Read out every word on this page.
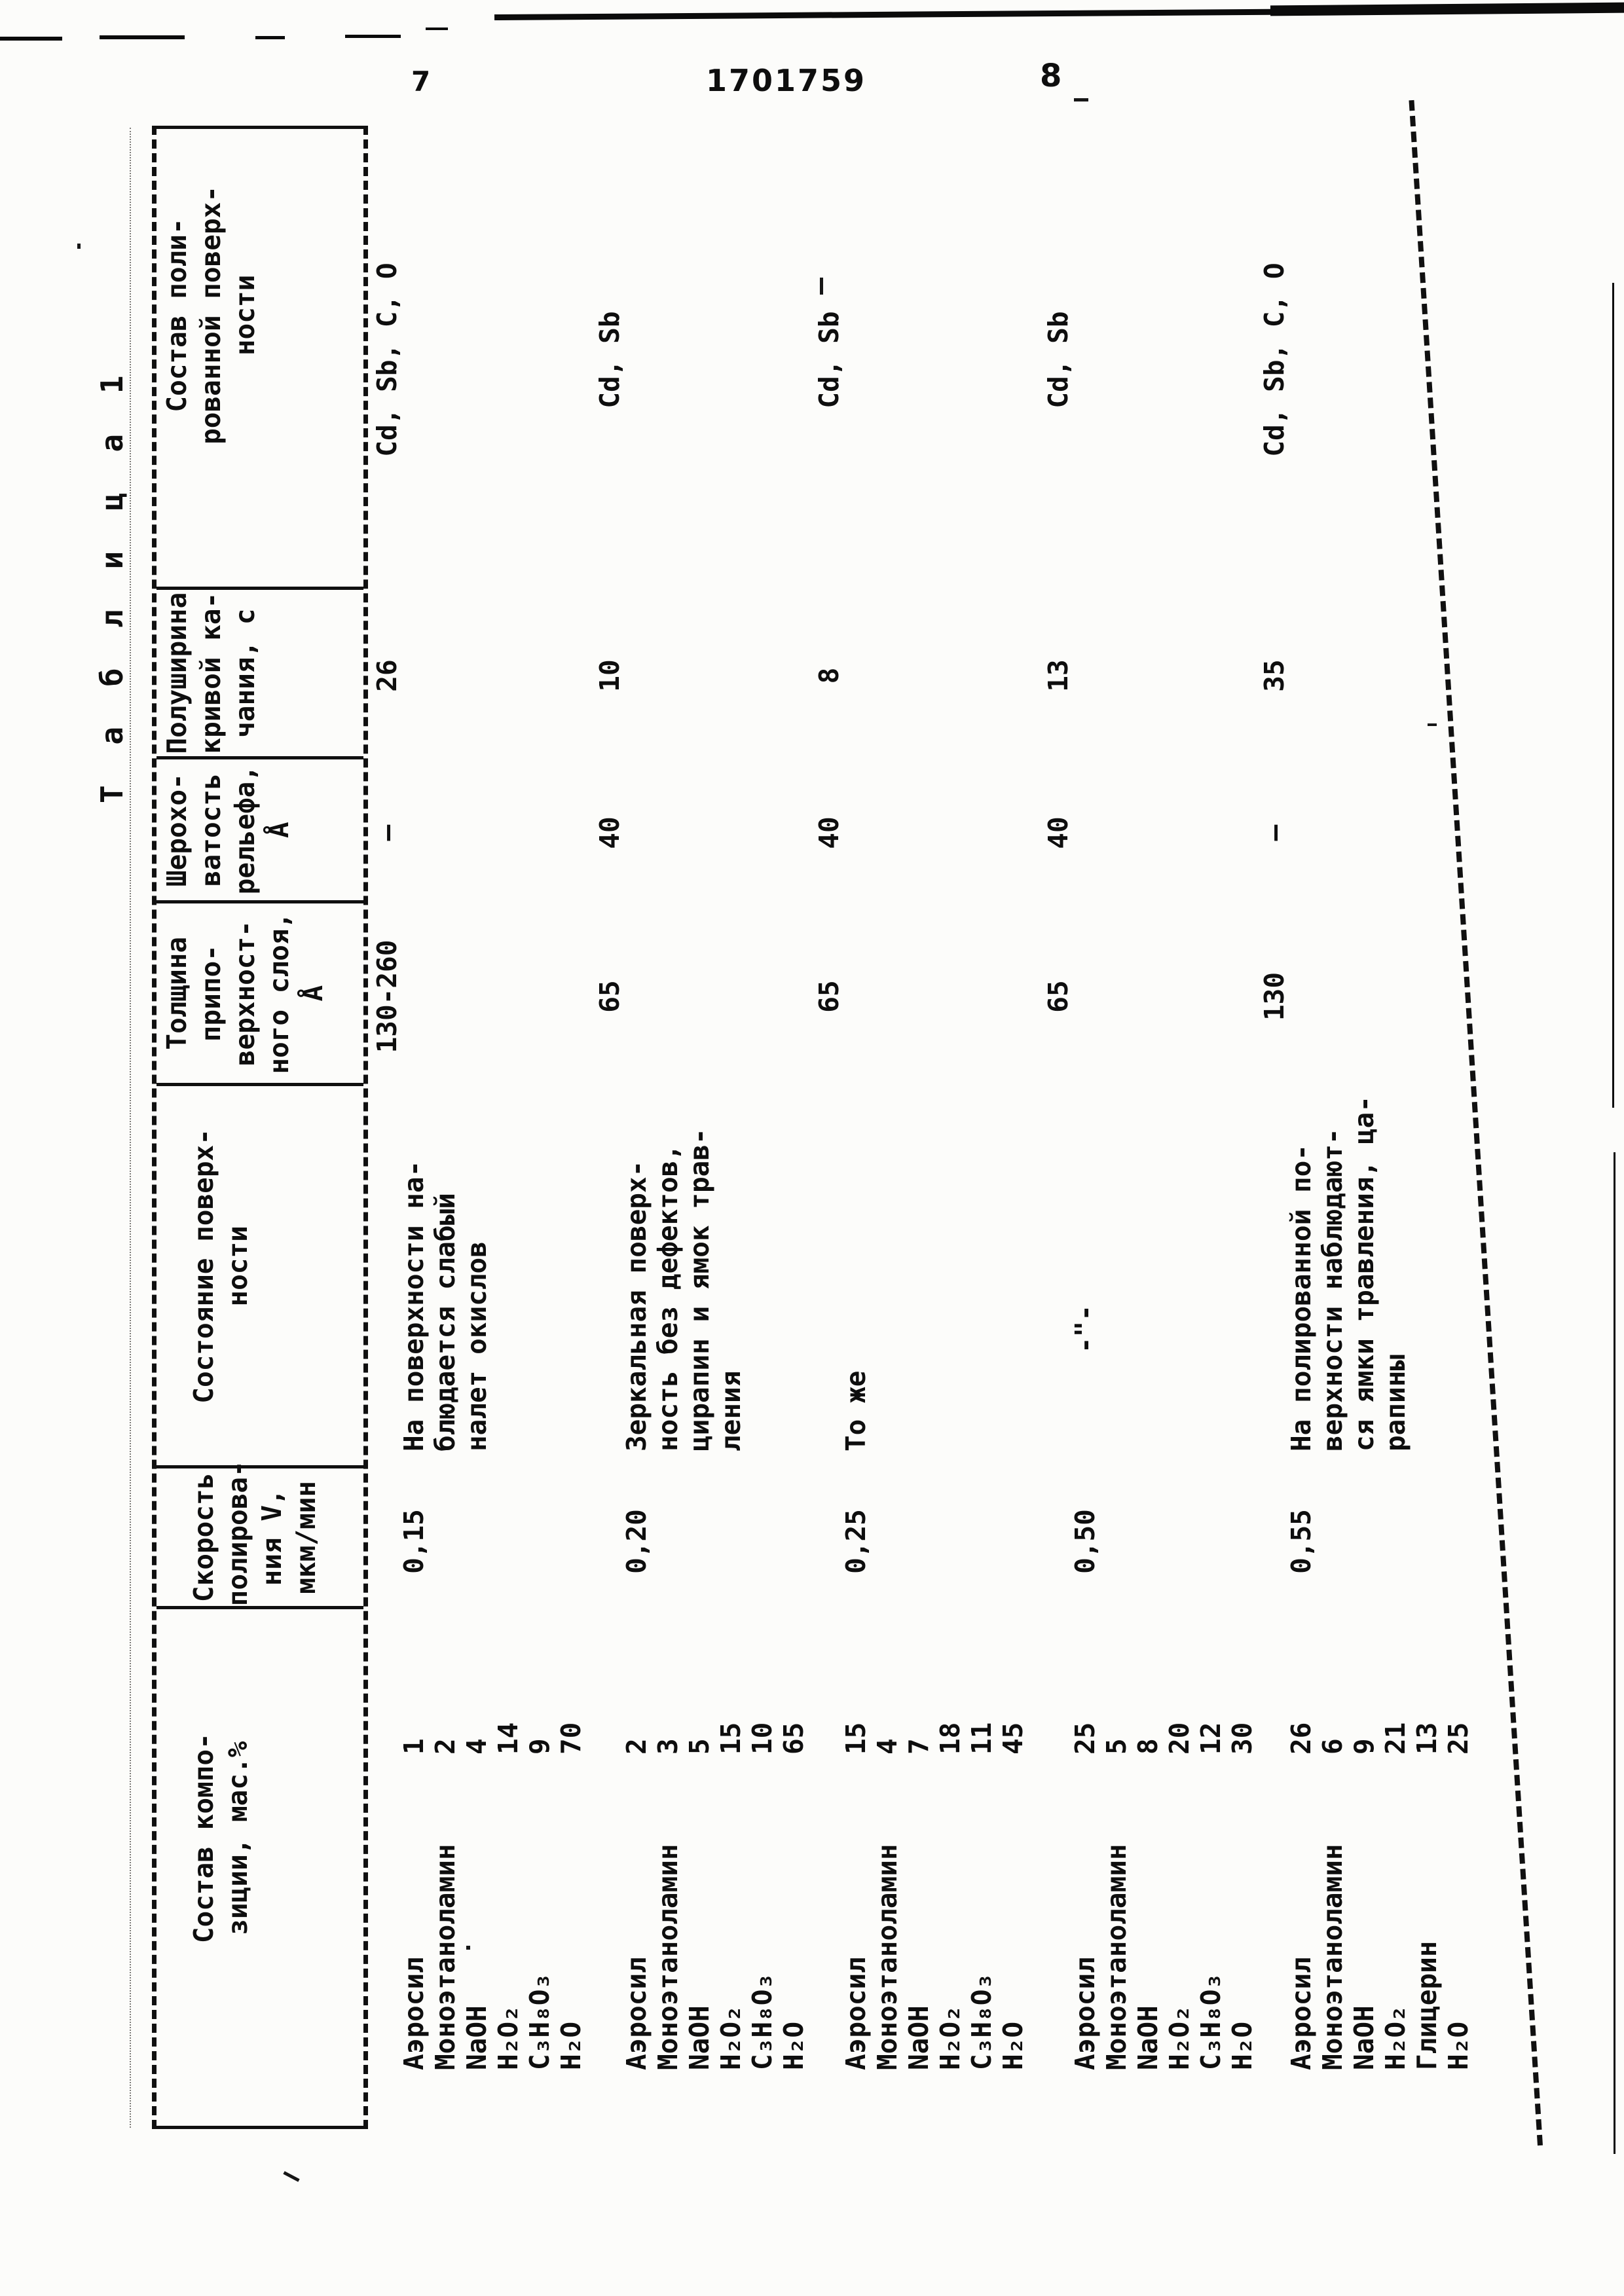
7	1701759	8
Т а б л и ц а 1
Состав компо- зиции, мас.%
Скорость полирова- ния V, мкм/мин
Состояние поверх- ности
Толщина припо- верхност- ного слоя, Å
Шерохо- ватость рельефа, Å
Полуширина кривой ка- чания, с
Состав поли- рованной поверх- ности
Аэросил
1
Моноэтаноламин
2
NaOH
4
H₂O₂
14
C₃H₈O₃
9
H₂O
70
0,15
На поверхности на- блюдается слабый налет окислов
130-260
—
26
Cd, Sb, C, O
Аэросил
2
Моноэтаноламин
3
NaOH
5
H₂O₂
15
C₃H₈O₃
10
H₂O
65
0,20
Зеркальная поверх- ность без дефектов, цирапин и ямок трав- ления
65
40
10
Cd, Sb
Аэросил
15
Моноэтаноламин
4
NaOH
7
H₂O₂
18
C₃H₈O₃
11
H₂O
45
0,25
То же
65
40
8
Cd, Sb
Аэросил
25
Моноэтаноламин
5
NaOH
8
H₂O₂
20
C₃H₈O₃
12
H₂O
30
0,50
-"-
65
40
13
Cd, Sb
Аэросил
26
Моноэтаноламин
6
NaOH
9
H₂O₂
21
Глицерин
13
H₂O
25
0,55
На полированной по- верхности наблюдают- ся ямки травления, ца- рапины
130
—
35
Cd, Sb, C, O
